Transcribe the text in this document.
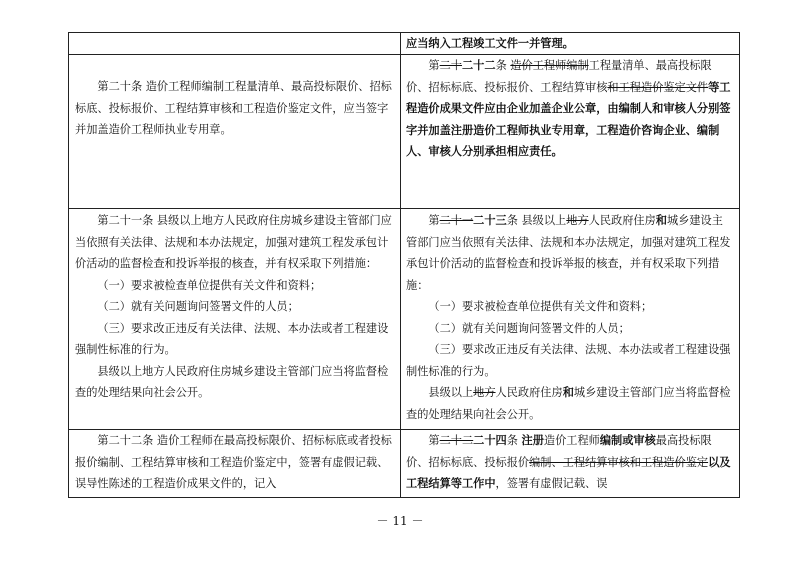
应当纳入工程竣工文件一并管理。

第二十条 造价工程师编制工程量清单、最高投标限价、招标标底、投标报价、工程结算审核和工程造价鉴定文件，应当签字并加盖造价工程师执业专用章。

第二十二十二条 造价工程师编制工程量清单、最高投标限价、招标标底、投标报价、工程结算审核和工程造价鉴定文件等工程造价成果文件应由企业加盖企业公章，由编制人和审核人分别签字并加盖注册造价工程师执业专用章，工程造价咨询企业、编制人、审核人分别承担相应责任。

第二十一条 县级以上地方人民政府住房城乡建设主管部门应当依照有关法律、法规和本办法规定，加强对建筑工程发承包计价活动的监督检查和投诉举报的核查，并有权采取下列措施：

（一）要求被检查单位提供有关文件和资料；

（二）就有关问题询问签署文件的人员；

（三）要求改正违反有关法律、法规、本办法或者工程建设强制性标准的行为。

县级以上地方人民政府住房城乡建设主管部门应当将监督检查的处理结果向社会公开。

第二十一二十三条 县级以上地方人民政府住房和城乡建设主管部门应当依照有关法律、法规和本办法规定，加强对建筑工程发承包计价活动的监督检查和投诉举报的核查，并有权采取下列措施：

（一）要求被检查单位提供有关文件和资料；

（二）就有关问题询问签署文件的人员；

（三）要求改正违反有关法律、法规、本办法或者工程建设强制性标准的行为。

县级以上地方人民政府住房和城乡建设主管部门应当将监督检查的处理结果向社会公开。

第二十二条 造价工程师在最高投标限价、招标标底或者投标报价编制、工程结算审核和工程造价鉴定中，签署有虚假记载、误导性陈述的工程造价成果文件的，记入

第二十二二十四条 注册造价工程师编制或审核最高投标限价、招标标底、投标报价编制、工程结算审核和工程造价鉴定以及工程结算等工作中，签署有虚假记载、误

－ 11 －
